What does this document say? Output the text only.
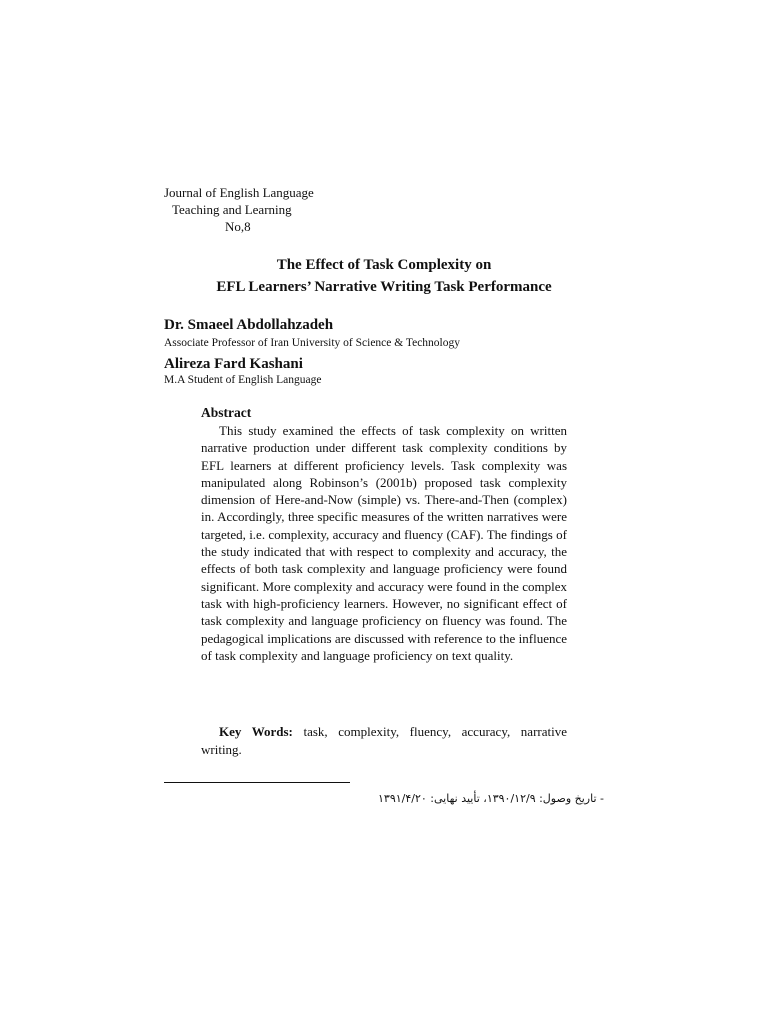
Journal of English Language
Teaching and Learning
No,8
The Effect of Task Complexity on
EFL Learners’ Narrative Writing Task Performance
Dr. Smaeel Abdollahzadeh
Associate Professor of Iran University of Science & Technology
Alireza Fard Kashani
M.A Student of English Language
Abstract

This study examined the effects of task complexity on written narrative production under different task complexity conditions by EFL learners at different proficiency levels. Task complexity was manipulated along Robinson’s (2001b) proposed task complexity dimension of Here-and-Now (simple) vs. There-and-Then (complex) in. Accordingly, three specific measures of the written narratives were targeted, i.e. complexity, accuracy and fluency (CAF). The findings of the study indicated that with respect to complexity and accuracy, the effects of both task complexity and language proficiency were found significant. More complexity and accuracy were found in the complex task with high-proficiency learners. However, no significant effect of task complexity and language proficiency on fluency was found. The pedagogical implications are discussed with reference to the influence of task complexity and language proficiency on text quality.

Key Words: task, complexity, fluency, accuracy, narrative writing.

- تاریخ وصول: ۱۳۹۰/۱۲/۹، تأیید نهایی: ۱۳۹۱/۴/۲۰
